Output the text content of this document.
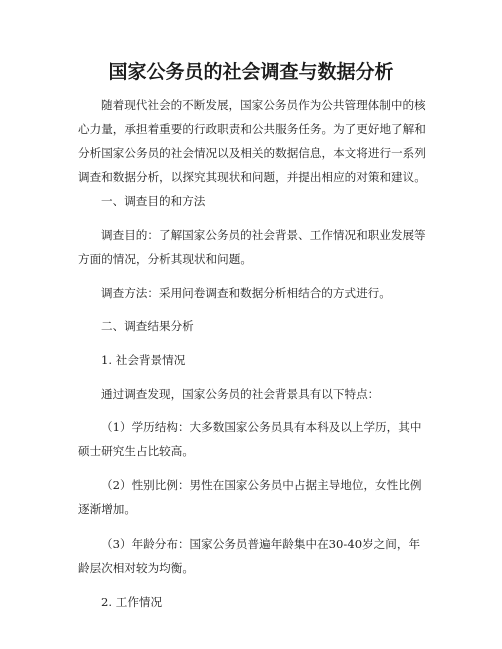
国家公务员的社会调查与数据分析

随着现代社会的不断发展，国家公务员作为公共管理体制中的核心力量，承担着重要的行政职责和公共服务任务。为了更好地了解和分析国家公务员的社会情况以及相关的数据信息，本文将进行一系列调查和数据分析，以探究其现状和问题，并提出相应的对策和建议。

一、调查目的和方法

调查目的：了解国家公务员的社会背景、工作情况和职业发展等方面的情况，分析其现状和问题。

调查方法：采用问卷调查和数据分析相结合的方式进行。

二、调查结果分析

1. 社会背景情况

通过调查发现，国家公务员的社会背景具有以下特点：

（1）学历结构：大多数国家公务员具有本科及以上学历，其中硕士研究生占比较高。

（2）性别比例：男性在国家公务员中占据主导地位，女性比例逐渐增加。

（3）年龄分布：国家公务员普遍年龄集中在30-40岁之间，年龄层次相对较为均衡。

2. 工作情况
